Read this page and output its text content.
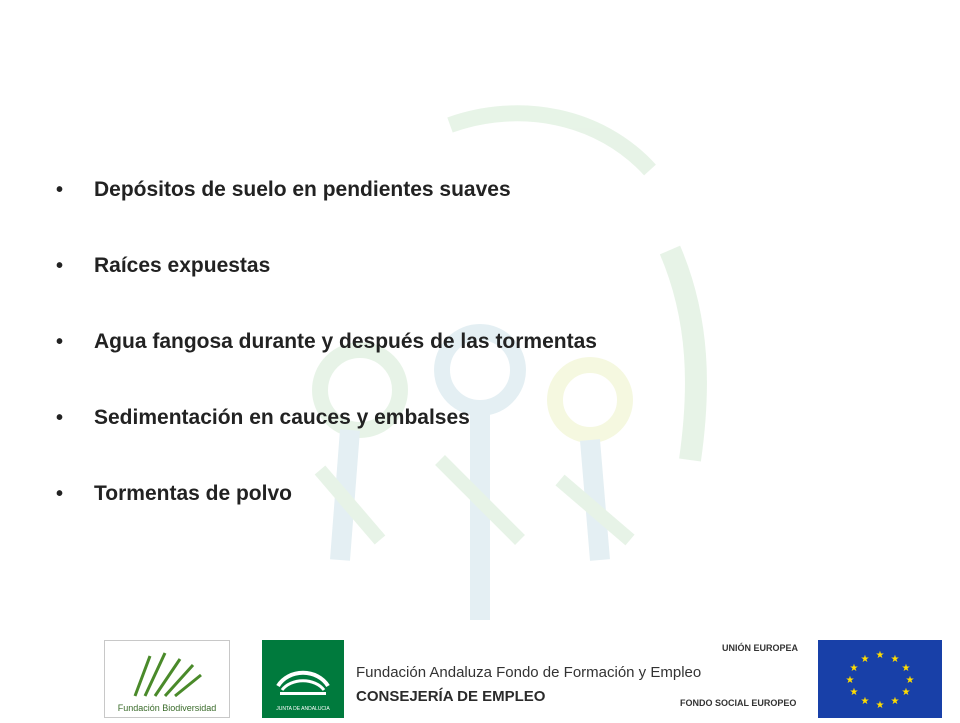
•	Depósitos de suelo en pendientes suaves
•	Raíces expuestas
•	Agua fangosa durante y después de las tormentas
•	Sedimentación en cauces y embalses
•	Tormentas de polvo
Fundación Biodiversidad	JUNTA DE ANDALUCIA
Fundación Andaluza Fondo de Formación y Empleo
CONSEJERÍA DE EMPLEO
UNIÓN EUROPEA
FONDO SOCIAL EUROPEO
★ ★
★
★
★
★
★
★
★
★
★
★
